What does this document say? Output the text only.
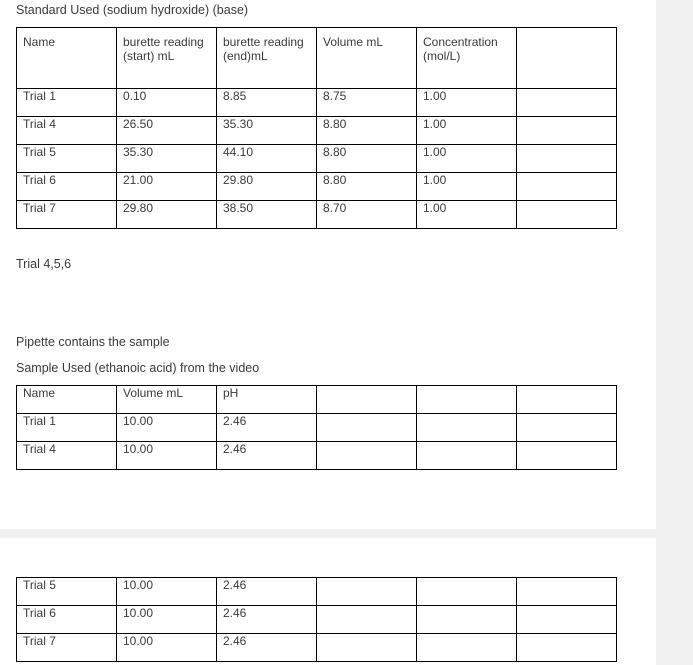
Standard Used (sodium hydroxide) (base)
Name	burette reading (start) mL	burette reading (end)mL	Volume mL	Concentration (mol/L)	
Trial 1	0.10	8.85	8.75	1.00	
Trial 4	26.50	35.30	8.80	1.00	
Trial 5	35.30	44.10	8.80	1.00	
Trial 6	21.00	29.80	8.80	1.00	
Trial 7	29.80	38.50	8.70	1.00	
Trial 4,5,6
Pipette contains the sample
Sample Used (ethanoic acid) from the video
Name	Volume mL	pH			
Trial 1	10.00	2.46			
Trial 4	10.00	2.46			
Trial 5	10.00	2.46			
Trial 6	10.00	2.46			
Trial 7	10.00	2.46			
